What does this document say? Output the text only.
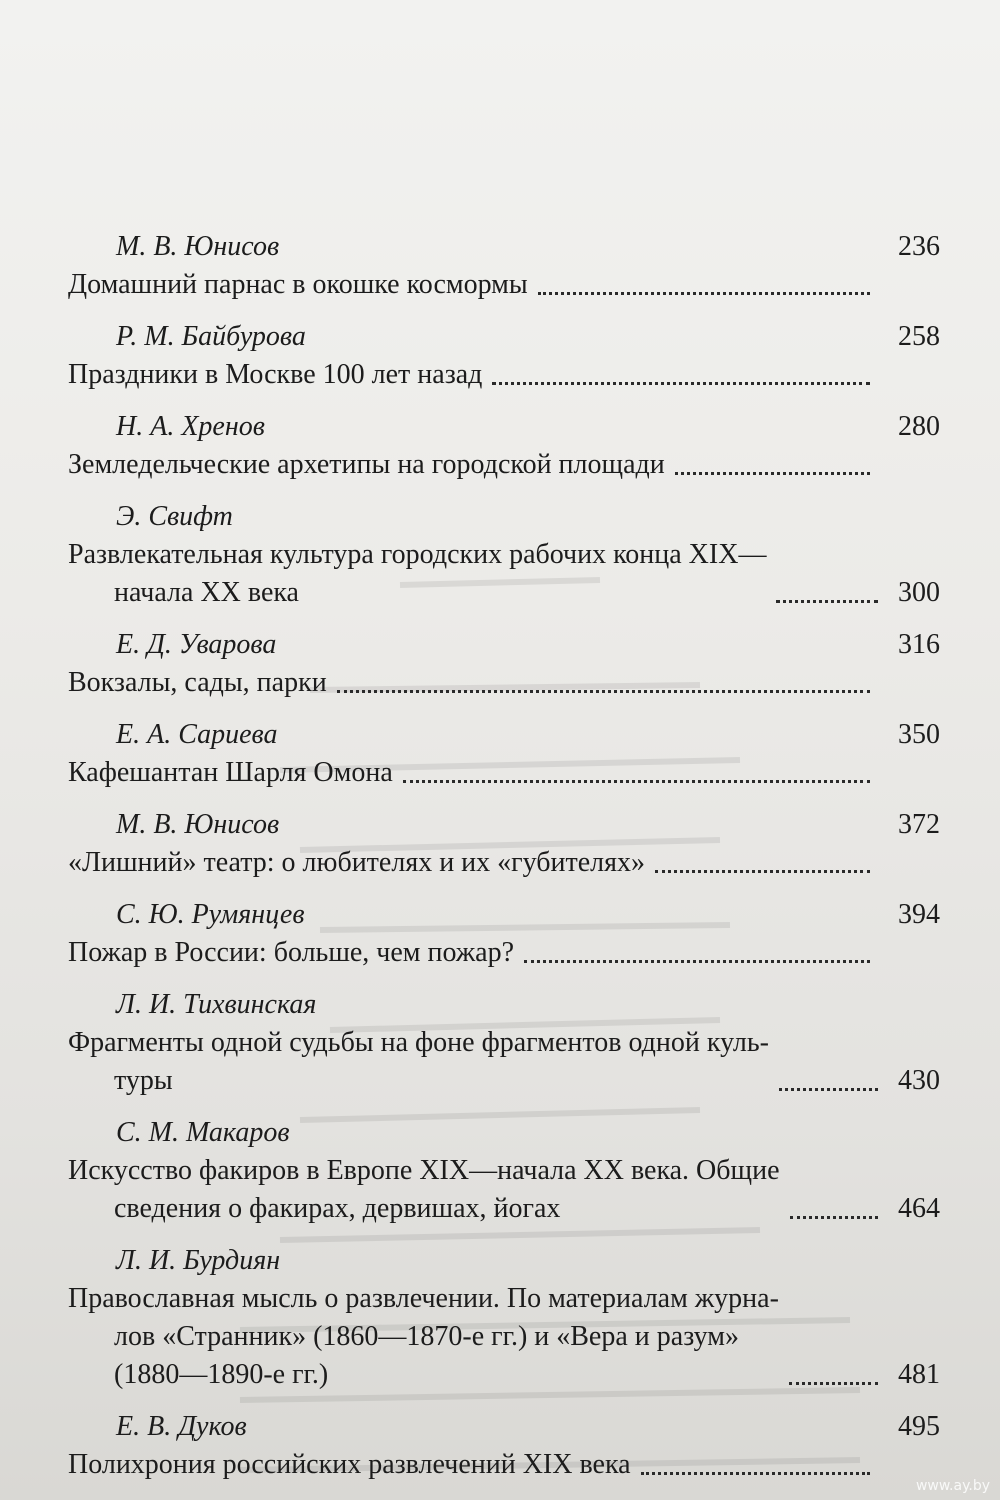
М. В. Юнисов	236
Домашний парнас в окошке космормы
Р. М. Байбурова	258
Праздники в Москве 100 лет назад
Н. А. Хренов	280
Земледельческие архетипы на городской площади
Э. Свифт
Развлекательная культура городских рабочих конца XIX—
начала XX века	300
Е. Д. Уварова	316
Вокзалы, сады, парки
Е. А. Сариева	350
Кафешантан Шарля Омона
М. В. Юнисов	372
«Лишний» театр: о любителях и их «губителях»
С. Ю. Румянцев	394
Пожар в России: больше, чем пожар?
Л. И. Тихвинская
Фрагменты одной судьбы на фоне фрагментов одной куль-
туры	430
С. М. Макаров
Искусство факиров в Европе XIX—начала XX века. Общие
сведения о факирах, дервишах, йогах	464
Л. И. Бурдиян
Православная мысль о развлечении. По материалам журна-
лов «Странник» (1860—1870-е гг.) и «Вера и разум»
(1880—1890-е гг.)	481
Е. В. Дуков	495
Полихрония российских развлечений XIX века
www.ay.by
